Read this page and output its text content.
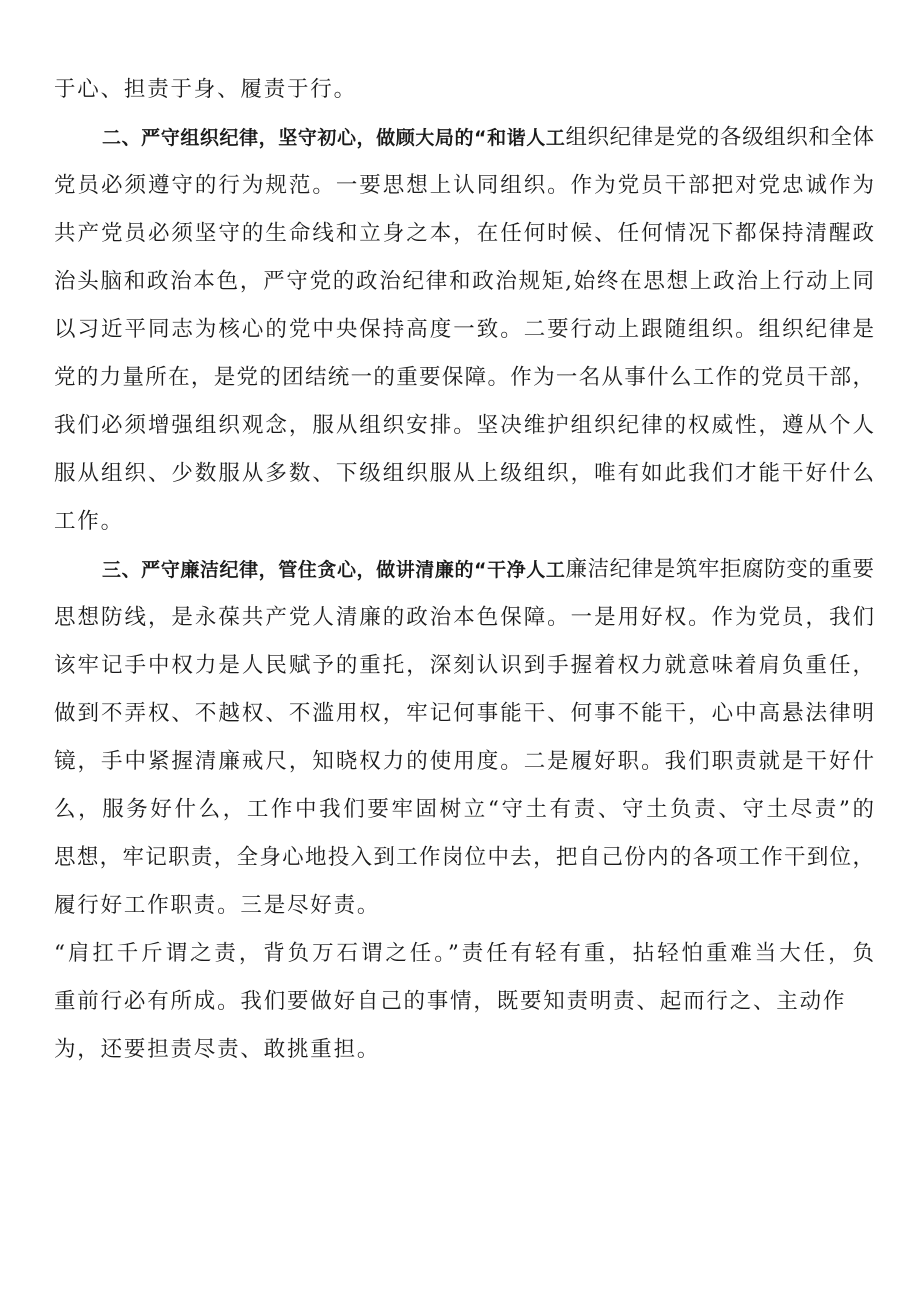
于心、担责于身、履责于行。
二、严守组织纪律，坚守初心，做顾大局的“和谐人工组织纪律是党的各级组织和全体
党员必须遵守的行为规范。一要思想上认同组织。作为党员干部把对党忠诚作为
共产党员必须坚守的生命线和立身之本，在任何时候、任何情况下都保持清醒政
治头脑和政治本色，严守党的政治纪律和政治规矩,始终在思想上政治上行动上同
以习近平同志为核心的党中央保持高度一致。二要行动上跟随组织。组织纪律是
党的力量所在，是党的团结统一的重要保障。作为一名从事什么工作的党员干部，
我们必须增强组织观念，服从组织安排。坚决维护组织纪律的权威性，遵从个人
服从组织、少数服从多数、下级组织服从上级组织，唯有如此我们才能干好什么
工作。
三、严守廉洁纪律，管住贪心，做讲清廉的“干净人工廉洁纪律是筑牢拒腐防变的重要
思想防线，是永葆共产党人清廉的政治本色保障。一是用好权。作为党员，我们
该牢记手中权力是人民赋予的重托，深刻认识到手握着权力就意味着肩负重任，
做到不弄权、不越权、不滥用权，牢记何事能干、何事不能干，心中高悬法律明
镜，手中紧握清廉戒尺，知晓权力的使用度。二是履好职。我们职责就是干好什
么，服务好什么，工作中我们要牢固树立“守土有责、守土负责、守土尽责”的
思想，牢记职责，全身心地投入到工作岗位中去，把自己份内的各项工作干到位，
履行好工作职责。三是尽好责。
“肩扛千斤谓之责，背负万石谓之任。”责任有轻有重，拈轻怕重难当大任，负
重前行必有所成。我们要做好自己的事情，既要知责明责、起而行之、主动作
为，还要担责尽责、敢挑重担。
